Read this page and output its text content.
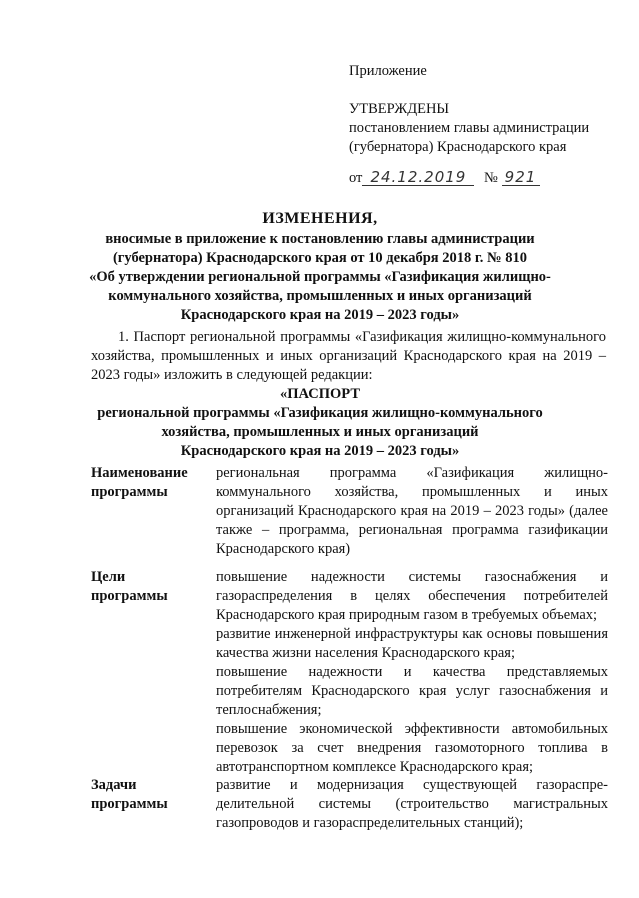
Приложение

УТВЕРЖДЕНЫ

постановлением главы администрации

(губернатора) Краснодарского края

от 24.12.2019 № 921

ИЗМЕНЕНИЯ,

вносимые в приложение к постановлению главы администрации

(губернатора) Краснодарского края от 10 декабря 2018 г. № 810

«Об утверждении региональной программы «Газификация жилищно-

коммунального хозяйства, промышленных и иных организаций

Краснодарского края на 2019 – 2023 годы»

1. Паспорт региональной программы «Газификация жилищно-коммунального хозяйства, промышленных и иных организаций Краснодарского края на 2019 – 2023 годы» изложить в следующей редакции:

«ПАСПОРТ

региональной программы «Газификация жилищно-коммунального

хозяйства, промышленных и иных организаций

Краснодарского края на 2019 – 2023 годы»

Наименование программы

региональная программа «Газификация жилищно-коммунального хозяйства, промышленных и иных организаций Краснодарского края на 2019 – 2023 годы» (далее также – программа, региональная программа газификации Краснодарского края)

Цели программы

повышение надежности системы газоснабжения и газораспределения в целях обеспечения потребителей Краснодарского края природным газом в требуемых объемах;

развитие инженерной инфраструктуры как основы повышения качества жизни населения Краснодарского края;

повышение надежности и качества представляемых потребителям Краснодарского края услуг газоснабжения и теплоснабжения;

повышение экономической эффективности автомобильных перевозок за счет внедрения газомоторного топлива в автотранспортном комплексе Краснодарского края;

Задачи программы

развитие и модернизация существующей газораспре-делительной системы (строительство магистральных газопроводов и газораспределительных станций);
